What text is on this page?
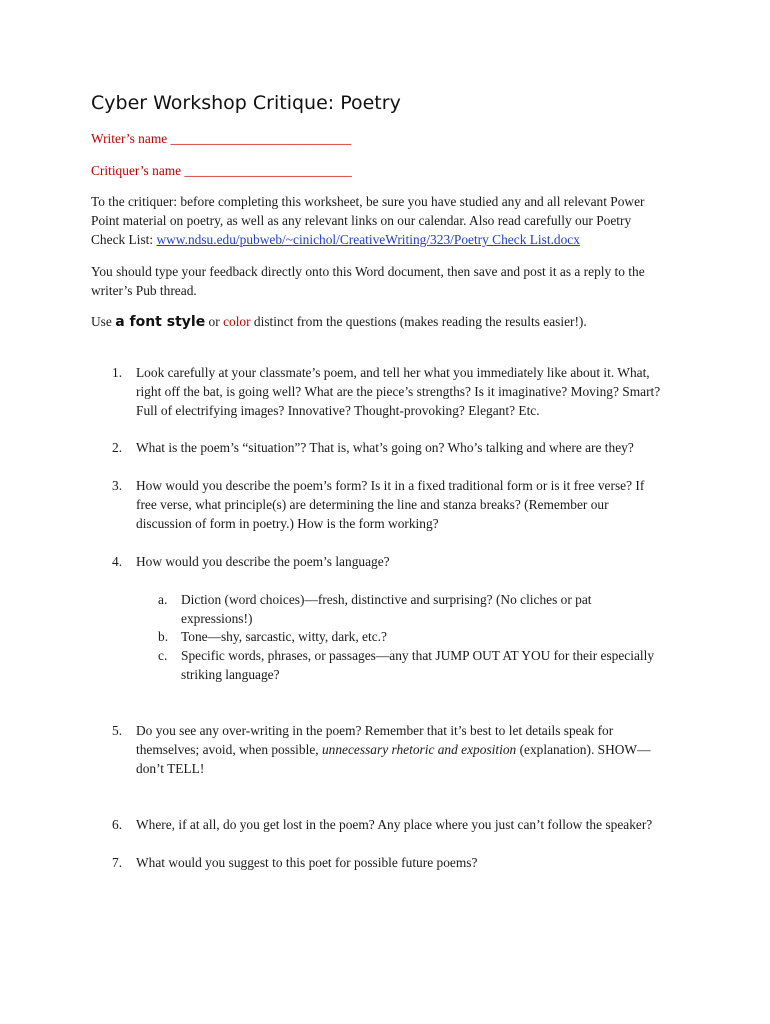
Cyber Workshop Critique: Poetry
Writer’s name ___________________________
Critiquer’s name _________________________
To the critiquer: before completing this worksheet, be sure you have studied any and all relevant Power
Point material on poetry, as well as any relevant links on our calendar. Also read carefully our Poetry
Check List: www.ndsu.edu/pubweb/~cinichol/CreativeWriting/323/Poetry Check List.docx
You should type your feedback directly onto this Word document, then save and post it as a reply to the
writer’s Pub thread.
Use a font style or color distinct from the questions (makes reading the results easier!).
1. Look carefully at your classmate’s poem, and tell her what you immediately like about it. What,
right off the bat, is going well? What are the piece’s strengths? Is it imaginative? Moving? Smart?
Full of electrifying images? Innovative? Thought-provoking? Elegant? Etc.
2. What is the poem’s “situation”? That is, what’s going on? Who’s talking and where are they?
3. How would you describe the poem’s form? Is it in a fixed traditional form or is it free verse? If
free verse, what principle(s) are determining the line and stanza breaks? (Remember our
discussion of form in poetry.) How is the form working?
4. How would you describe the poem’s language?
a. Diction (word choices)—fresh, distinctive and surprising? (No cliches or pat
expressions!)
b. Tone—shy, sarcastic, witty, dark, etc.?
c. Specific words, phrases, or passages—any that JUMP OUT AT YOU for their especially
striking language?
5. Do you see any over-writing in the poem? Remember that it’s best to let details speak for
themselves; avoid, when possible, unnecessary rhetoric and exposition (explanation). SHOW—
don’t TELL!
6. Where, if at all, do you get lost in the poem? Any place where you just can’t follow the speaker?
7. What would you suggest to this poet for possible future poems?
